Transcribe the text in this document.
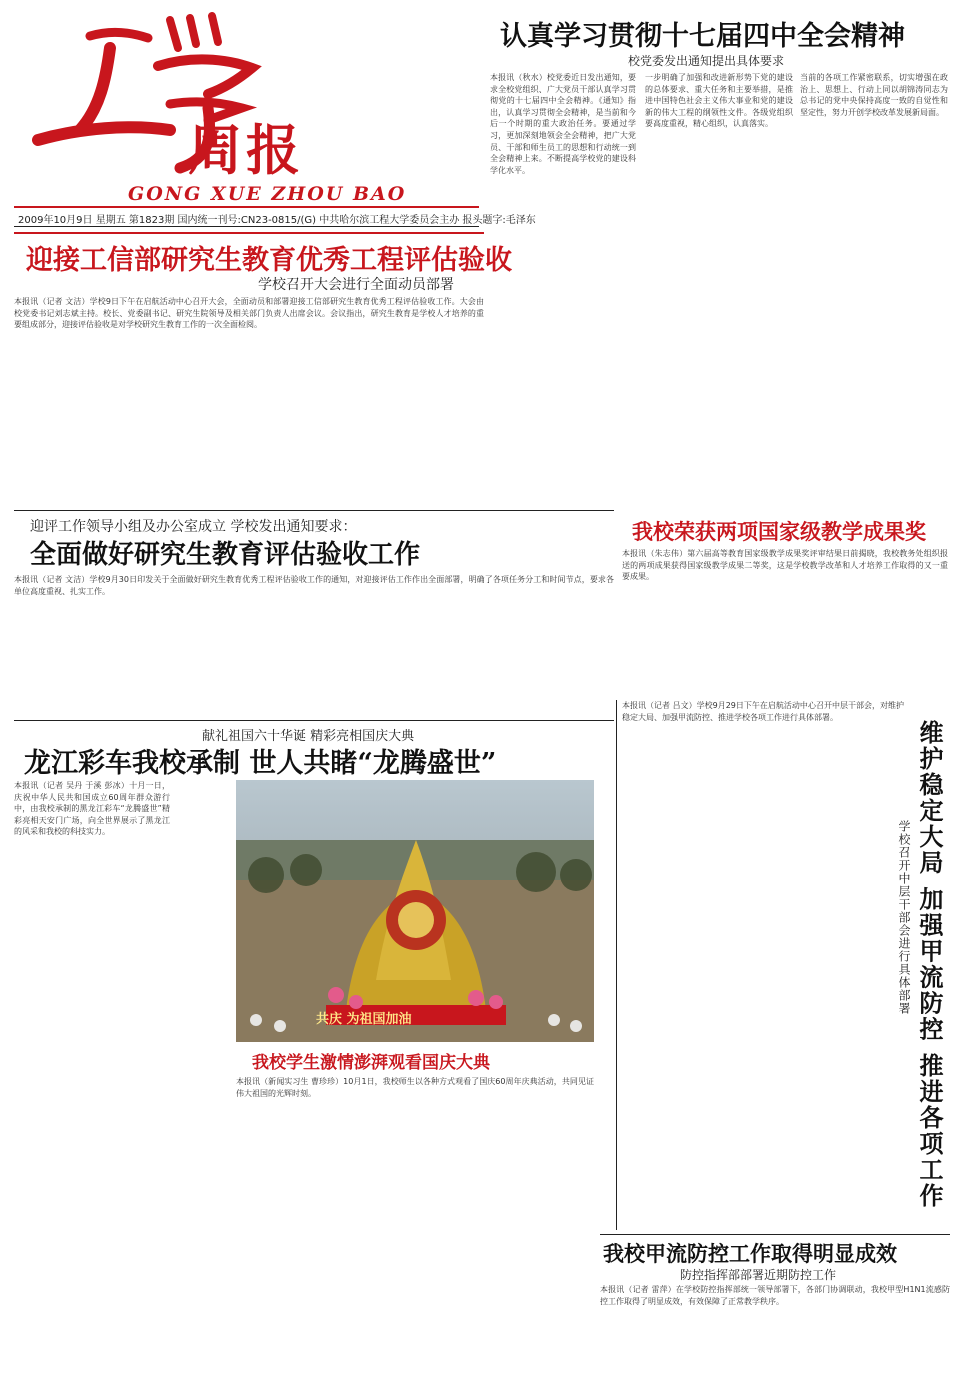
周报
GONG XUE ZHOU BAO
2009年10月9日 星期五 第1823期 国内统一刊号:CN23-0815/(G) 中共哈尔滨工程大学委员会主办 报头题字:毛泽东
认真学习贯彻十七届四中全会精神
校党委发出通知提出具体要求
本报讯（秋水）校党委近日发出通知，要求全校党组织、广大党员干部认真学习贯彻党的十七届四中全会精神。《通知》指出，认真学习贯彻全会精神，是当前和今后一个时期的重大政治任务。要通过学习，更加深刻地领会全会精神，把广大党员、干部和师生员工的思想和行动统一到全会精神上来。不断提高学校党的建设科学化水平。
一步明确了加强和改进新形势下党的建设的总体要求、重大任务和主要举措，是推进中国特色社会主义伟大事业和党的建设新的伟大工程的纲领性文件。各级党组织要高度重视，精心组织，认真落实。
当前的各项工作紧密联系，切实增强在政治上、思想上、行动上同以胡锦涛同志为总书记的党中央保持高度一致的自觉性和坚定性，努力开创学校改革发展新局面。
迎接工信部研究生教育优秀工程评估验收
学校召开大会进行全面动员部署
本报讯（记者 文洁）学校9日下午在启航活动中心召开大会，全面动员和部署迎接工信部研究生教育优秀工程评估验收工作。大会由校党委书记刘志斌主持。校长、党委副书记、研究生院领导及相关部门负责人出席会议。会议指出，研究生教育是学校人才培养的重要组成部分，迎接评估验收是对学校研究生教育工作的一次全面检阅。
迎评工作领导小组及办公室成立 学校发出通知要求：
全面做好研究生教育评估验收工作
本报讯（记者 文洁）学校9月30日印发关于全面做好研究生教育优秀工程评估验收工作的通知，对迎接评估工作作出全面部署，明确了各项任务分工和时间节点，要求各单位高度重视、扎实工作。
我校荣获两项国家级教学成果奖
本报讯（朱志伟）第六届高等教育国家级教学成果奖评审结果日前揭晓，我校教务处组织报送的两项成果获得国家级教学成果二等奖，这是学校教学改革和人才培养工作取得的又一重要成果。
献礼祖国六十华诞 精彩亮相国庆大典
龙江彩车我校承制 世人共睹“龙腾盛世”
本报讯（记者 吴丹 于溪 彭冰）十月一日，庆祝中华人民共和国成立60周年群众游行中，由我校承制的黑龙江彩车“龙腾盛世”精彩亮相天安门广场，向全世界展示了黑龙江的风采和我校的科技实力。
共庆 为祖国加油
我校学生激情澎湃观看国庆大典
本报讯（新闻实习生 曹珍珍）10月1日，我校师生以各种方式观看了国庆60周年庆典活动，共同见证伟大祖国的光辉时刻。
本报讯（记者 吕文）学校9月29日下午在启航活动中心召开中层干部会，对维护稳定大局、加强甲流防控、推进学校各项工作进行具体部署。
维护稳定大局 加强甲流防控 推进各项工作
学校召开中层干部会进行具体部署
我校甲流防控工作取得明显成效
防控指挥部部署近期防控工作
本报讯（记者 雷萍）在学校防控指挥部统一领导部署下，各部门协调联动，我校甲型H1N1流感防控工作取得了明显成效，有效保障了正常教学秩序。
